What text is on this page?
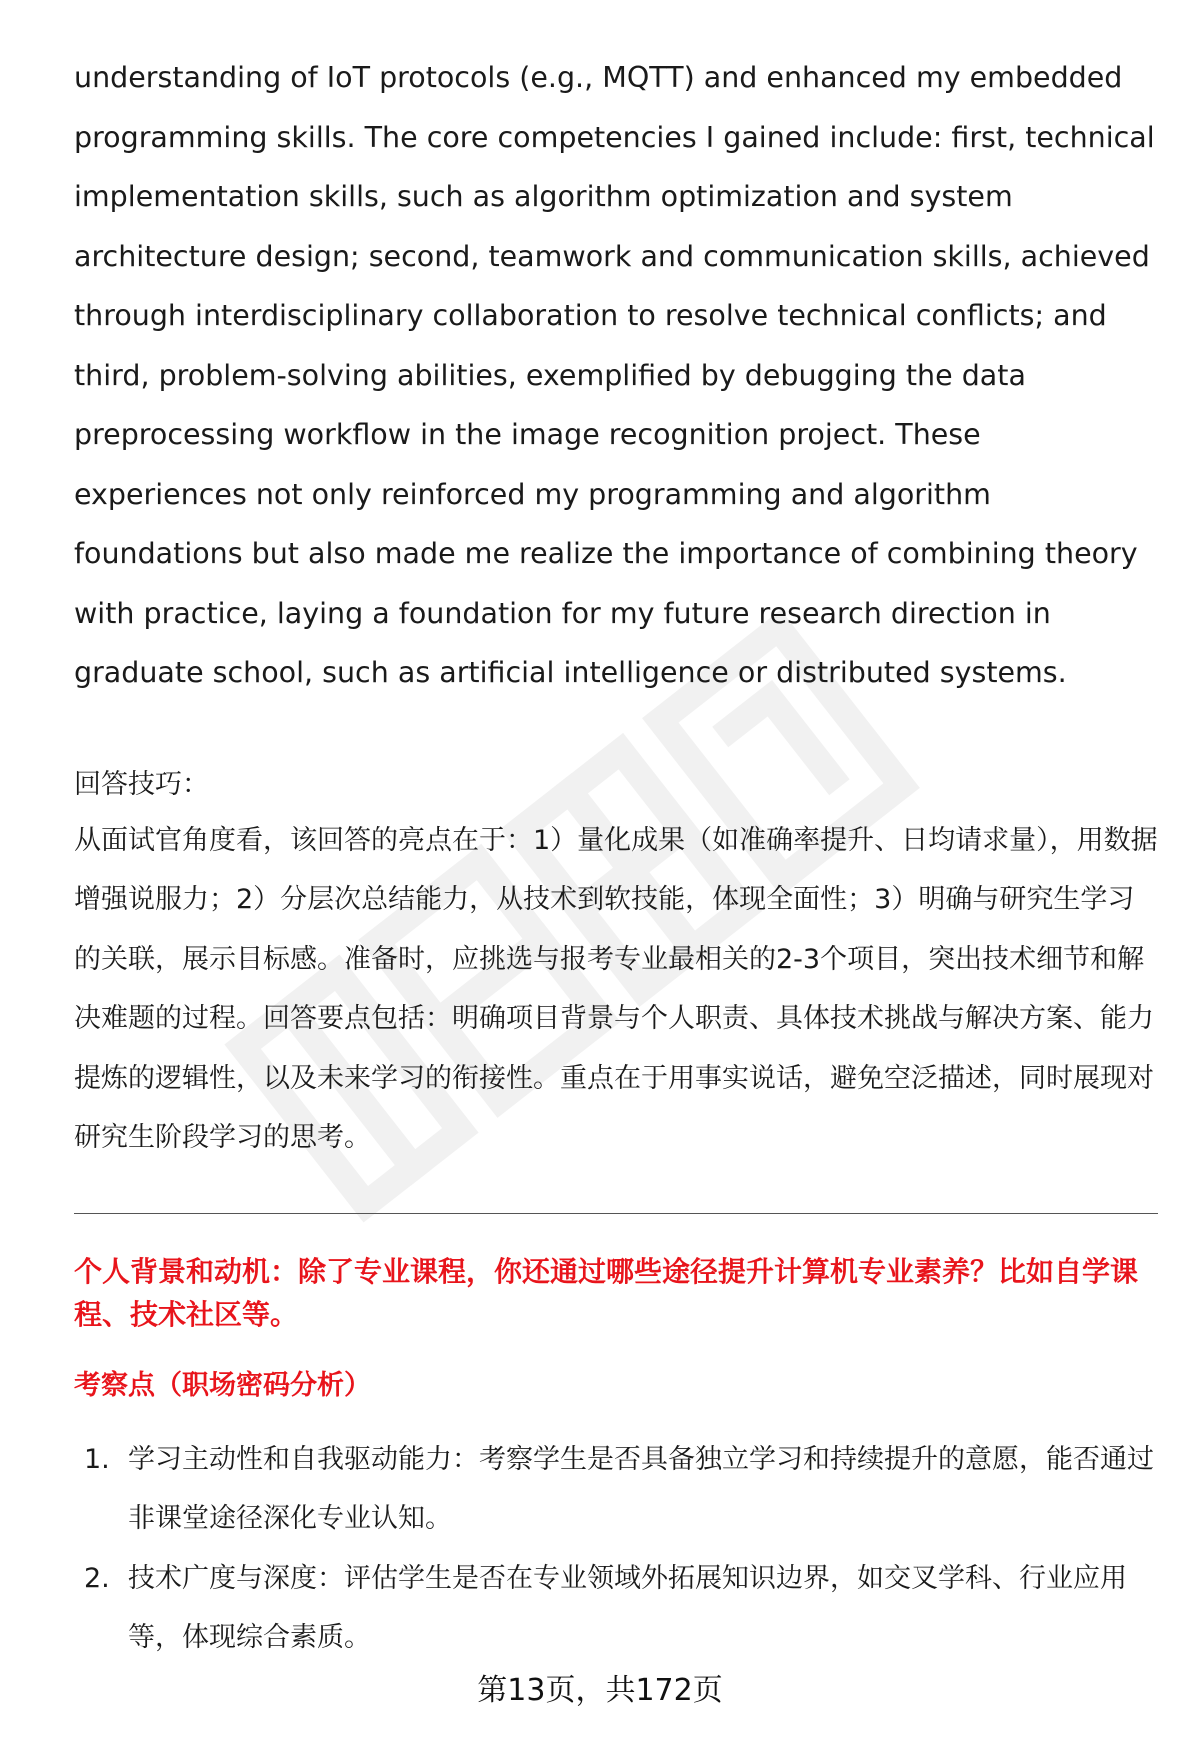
understanding of IoT protocols (e.g., MQTT) and enhanced my embedded programming skills. The core competencies I gained include: first, technical implementation skills, such as algorithm optimization and system architecture design; second, teamwork and communication skills, achieved through interdisciplinary collaboration to resolve technical conflicts; and third, problem-solving abilities, exemplified by debugging the data preprocessing workflow in the image recognition project. These experiences not only reinforced my programming and algorithm foundations but also made me realize the importance of combining theory with practice, laying a foundation for my future research direction in graduate school, such as artificial intelligence or distributed systems.

回答技巧：

从面试官角度看，该回答的亮点在于：1）量化成果（如准确率提升、日均请求量），用数据增强说服力；2）分层次总结能力，从技术到软技能，体现全面性；3）明确与研究生学习的关联，展示目标感。准备时，应挑选与报考专业最相关的2-3个项目，突出技术细节和解决难题的过程。回答要点包括：明确项目背景与个人职责、具体技术挑战与解决方案、能力提炼的逻辑性，以及未来学习的衔接性。重点在于用事实说话，避免空泛描述，同时展现对研究生阶段学习的思考。

个人背景和动机：除了专业课程，你还通过哪些途径提升计算机专业素养？比如自学课程、技术社区等。

考察点（职场密码分析）
1. 学习主动性和自我驱动能力：考察学生是否具备独立学习和持续提升的意愿，能否通过非课堂途径深化专业认知。
2. 技术广度与深度：评估学生是否在专业领域外拓展知识边界，如交叉学科、行业应用等，体现综合素质。
第13页，共172页
